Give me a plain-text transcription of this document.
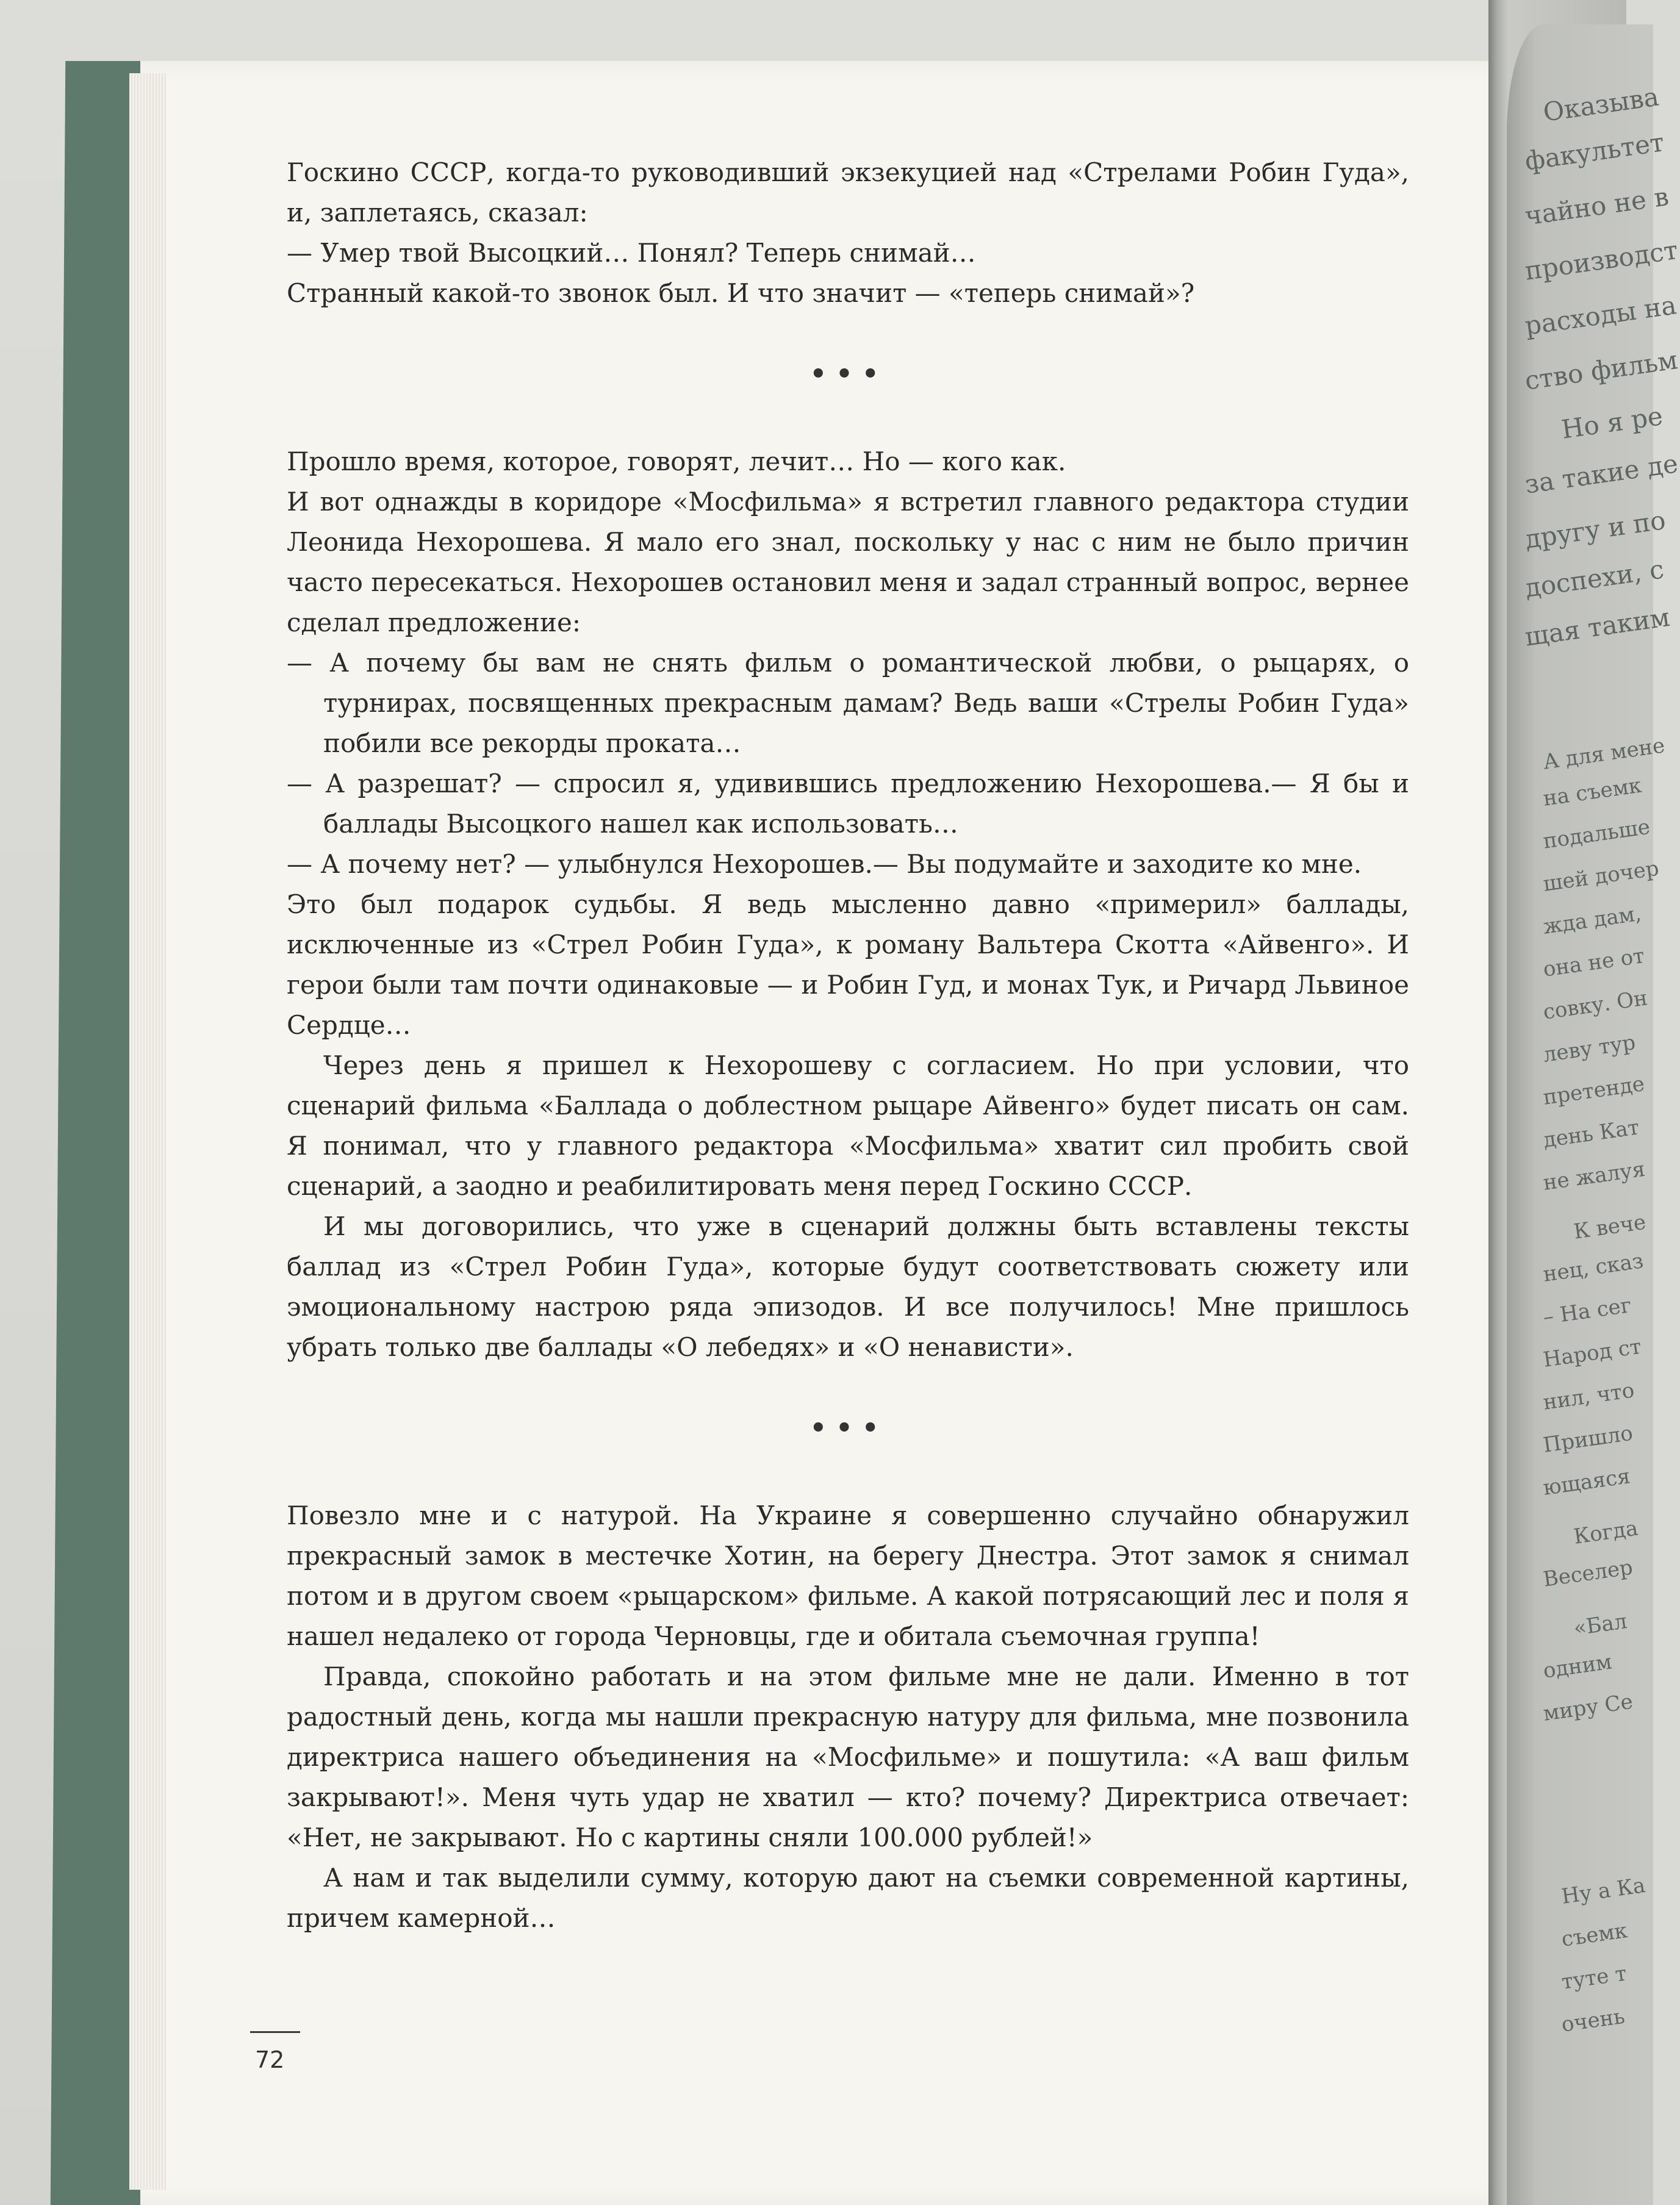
Оказыва
факультет
чайно не в
производст
расходы на
ство фильм
Но я ре
за такие де
другу и по
доспехи, с
щая таким
А для мене
на съемк
подальше
шей дочер
жда дам,
она не от
совку. Он
леву тур
претенде
день Кат
не жалуя
К вече
нец, сказ
– На сег
Народ ст
нил, что
Пришло
ющаяся
Когда
Веселер
«Бал
одним
миру Се
Ну а Ка
съемк
туте т
очень

Госкино СССР, когда-то руководивший экзекуцией над «Стрелами Робин Гуда», и, заплетаясь, сказал:

— Умер твой Высоцкий… Понял? Теперь снимай…

Странный какой-то звонок был. И что значит — «теперь снимай»?

•••

Прошло время, которое, говорят, лечит… Но — кого как.

И вот однажды в коридоре «Мосфильма» я встретил главного редактора студии Леонида Нехорошева. Я мало его знал, поскольку у нас с ним не было причин часто пересекаться. Нехорошев остановил меня и задал странный вопрос, вернее сделал предложение:

— А почему бы вам не снять фильм о романтической любви, о рыцарях, о турнирах, посвященных прекрасным дамам? Ведь ваши «Стрелы Робин Гуда» побили все рекорды проката…

— А разрешат? — спросил я, удивившись предложению Нехорошева.— Я бы и баллады Высоцкого нашел как использовать…

— А почему нет? — улыбнулся Нехорошев.— Вы подумайте и заходите ко мне.

Это был подарок судьбы. Я ведь мысленно давно «примерил» баллады, исключенные из «Стрел Робин Гуда», к роману Вальтера Скотта «Айвенго». И герои были там почти одинаковые — и Робин Гуд, и монах Тук, и Ричард Львиное Сердце…

Через день я пришел к Нехорошеву с согласием. Но при условии, что сценарий фильма «Баллада о доблестном рыцаре Айвенго» будет писать он сам. Я понимал, что у главного редактора «Мосфильма» хватит сил пробить свой сценарий, а заодно и реабилитировать меня перед Госкино СССР.

И мы договорились, что уже в сценарий должны быть вставлены тексты баллад из «Стрел Робин Гуда», которые будут соответствовать сюжету или эмоциональному настрою ряда эпизодов. И все получилось! Мне пришлось убрать только две баллады «О лебедях» и «О ненависти».

•••

Повезло мне и с натурой. На Украине я совершенно случайно обнаружил прекрасный замок в местечке Хотин, на берегу Днестра. Этот замок я снимал потом и в другом своем «рыцарском» фильме. А какой потрясающий лес и поля я нашел недалеко от города Черновцы, где и обитала съемочная группа!

Правда, спокойно работать и на этом фильме мне не дали. Именно в тот радостный день, когда мы нашли прекрасную натуру для фильма, мне позвонила директриса нашего объединения на «Мосфильме» и пошутила: «А ваш фильм закрывают!». Меня чуть удар не хватил — кто? почему? Директриса отвечает: «Нет, не закрывают. Но с картины сняли 100.000 рублей!»

А нам и так выделили сумму, которую дают на съемки современной картины, причем камерной…

72
